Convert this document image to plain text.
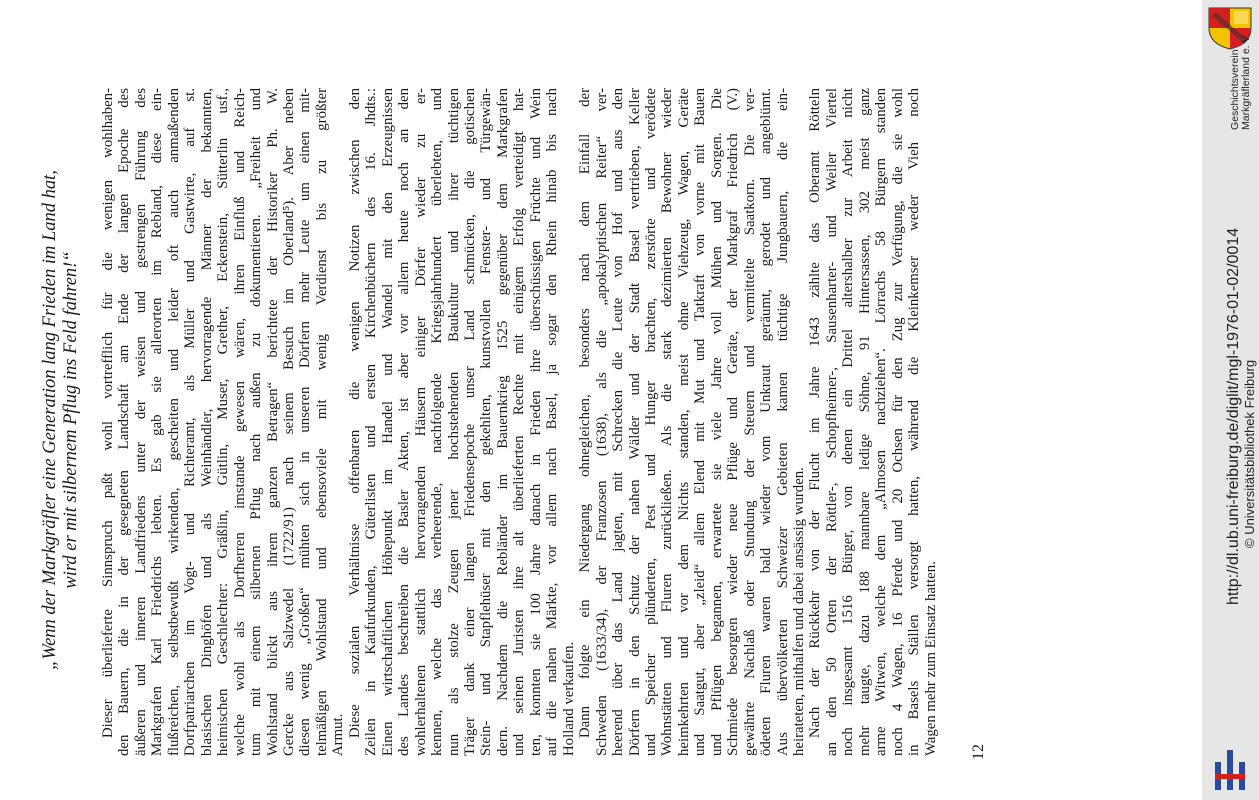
„Wenn der Markgräfler eine Generation lang Frieden im Land hat, wird er mit silbernem Pflug ins Feld fahren!“ Dieser überlieferte Sinnspruch paßt wohl vortrefflich für die wenigen wohlhaben- den Bauern, die in der gesegneten Landschaft am Ende der langen Epoche des äußeren und inneren Landfriedens unter der weisen und gestrengen Führung des Markgrafen Karl Friedrichs lebten. Es gab sie allerorten im Rebland, diese ein- flußreichen, selbstbewußt wirkenden, gescheiten und leider oft auch anmaßenden Dorfpatriarchen im Vogt- und Richteramt, als Müller und Gastwirte, auf st. blasischen Dinghöfen und als Weinhändler, hervorragende Männer der bekannten, heimischen Geschlechter: Gräßlin, Gütlin, Muser, Grether, Eckenstein, Sütterlin usf., welche wohl als Dorfherren imstande gewesen wären, ihren Einfluß und Reich- tum mit einem silbernen Pflug nach außen zu dokumentieren. „Freiheit und Wohlstand blickt aus ihrem ganzen Betragen“ berichtete der Historiker Ph. W. Gercke aus Salzwedel (1722/91) nach seinem Besuch im Oberland⁵). Aber neben diesen wenig „Großen“ mühten sich in unseren Dörfern mehr Leute um einen mit- telmäßigen Wohlstand und ebensoviele mit wenig Verdienst bis zu größter Armut. Diese sozialen Verhältnisse offenbaren die wenigen Notizen zwischen den Zeilen in Kaufurkunden, Güterlisten und ersten Kirchenbüchern des 16. Jhdts.: Einen wirtschaftlichen Höhepunkt im Handel und Wandel mit den Erzeugnissen des Landes beschreiben die Basler Akten, ist aber vor allem heute noch an den wohlerhaltenen stattlich hervorragenden Häusern einiger Dörfer wieder zu er- kennen, welche das verheerende, nachfolgende Kriegsjahrhundert überlebten, und nun als stolze Zeugen jener hochstehenden Baukultur und ihrer tüchtigen Träger dank einer langen Friedensepoche unser Land schmücken, die gotischen Stein- und Stapflehüser mit den gekehlten, kunstvollen Fenster- und Türgewän- dern. Nachdem die Rebländer im Bauernkrieg 1525 gegenüber dem Markgrafen und seinen Juristen ihre alt überlieferten Rechte mit einigem Erfolg verteidigt hat- ten, konnten sie 100 Jahre danach in Frieden ihre überschüssigen Früchte und Wein auf die nahen Märkte, vor allem nach Basel, ja sogar den Rhein hinab bis nach Holland verkaufen. Dann folgte ein Niedergang ohnegleichen, besonders nach dem Einfall der Schweden (1633/34), der Franzosen (1638), als die „apokalyptischen Reiter“ ver- heerend über das Land jagten, mit Schrecken die Leute von Hof und aus den Dörfern in den Schutz der nahen Wälder und der Stadt Basel vertrieben, Keller und Speicher plünderten, Pest und Hunger brachten, zerstörte und verödete Wohnstätten und Fluren zurückließen. Als die stark dezimierten Bewohner wieder heimkehrten und vor dem Nichts standen, meist ohne Viehzeug, Wagen, Geräte und Saatgut, aber „zleid“ allem Elend mit Mut und Tatkraft von vorne mit Bauen und Pflügen begannen, erwartete sie viele Jahre voll Mühen und Sorgen. Die Schmiede besorgten wieder neue Pflüge und Geräte, der Markgraf Friedrich (V.) gewährte Nachlaß oder Stundung der Steuern und vermittelte Saatkorn. Die ver- ödeten Fluren waren bald wieder vom Unkraut geräumt, gerodet und angeblümt. Aus übervölkerten Schweizer Gebieten kamen tüchtige Jungbauern, die ein- heirateten, mithalfen und dabei ansässig wurden. Nach der Rückkehr von der Flucht im Jahre 1643 zählte das Oberamt Rötteln an den 50 Orten der Röttler-, Schopfheimer-, Sausenharter- und Weiler Viertel noch insgesamt 1516 Bürger, von denen ein Drittel altershalber zur Arbeit nicht mehr taugte, dazu 188 mannbare ledige Söhne, 91 Hintersassen, 302 meist ganz arme Witwen, welche dem „Almosen nachziehen“. Lörrachs 58 Bürgern standen noch 4 Wagen, 16 Pferde und 20 Ochsen für den Zug zur Verfügung, die sie wohl in Basels Ställen versorgt hatten, während die Kleinkemser weder Vieh noch Wagen mehr zum Einsatz hatten. 12
Geschichtsverein Markgräflerland e. V.
http://dl.ub.uni-freiburg.de/diglit/mgl-1976-01-02/0014 © Universitätsbibliothek Freiburg
